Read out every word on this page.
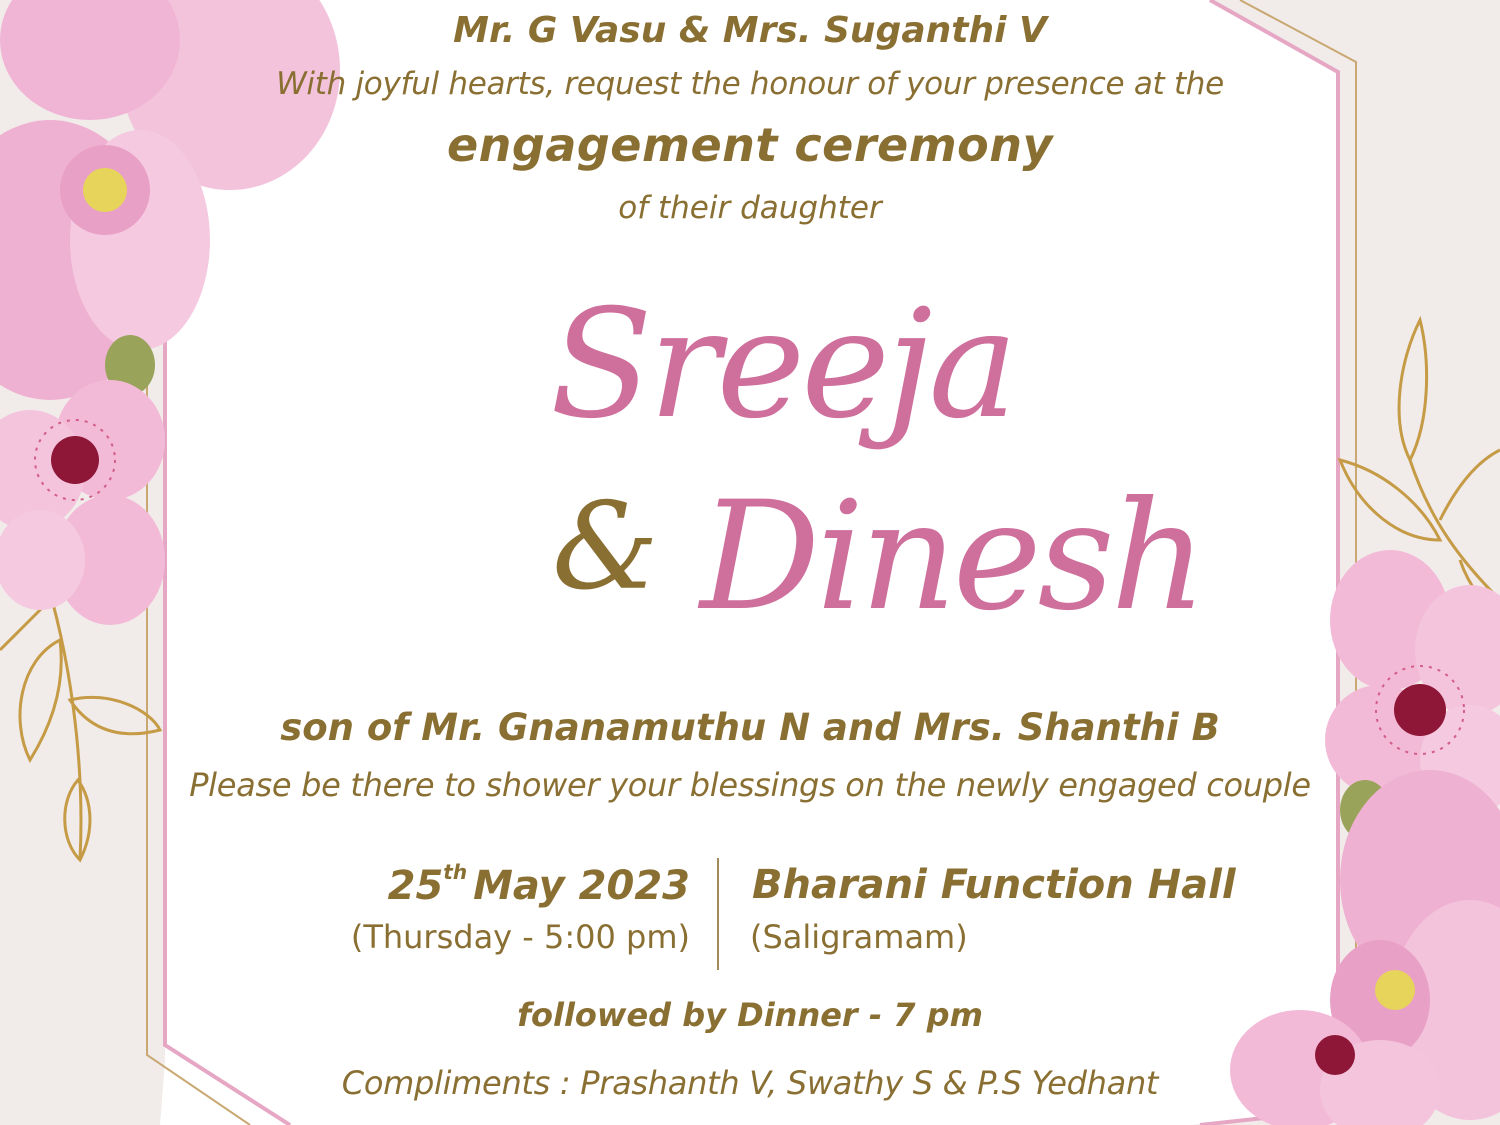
Mr. G Vasu & Mrs. Suganthi V
With joyful hearts, request the honour of your presence at the
engagement ceremony
of their daughter
Sreeja
& Dinesh
son of Mr. Gnanamuthu N and Mrs. Shanthi B
Please be there to shower your blessings on the newly engaged couple
25th May 2023
(Thursday - 5:00 pm)
Bharani Function Hall
(Saligramam)
followed by Dinner - 7 pm
Compliments : Prashanth V, Swathy S & P.S Yedhant
